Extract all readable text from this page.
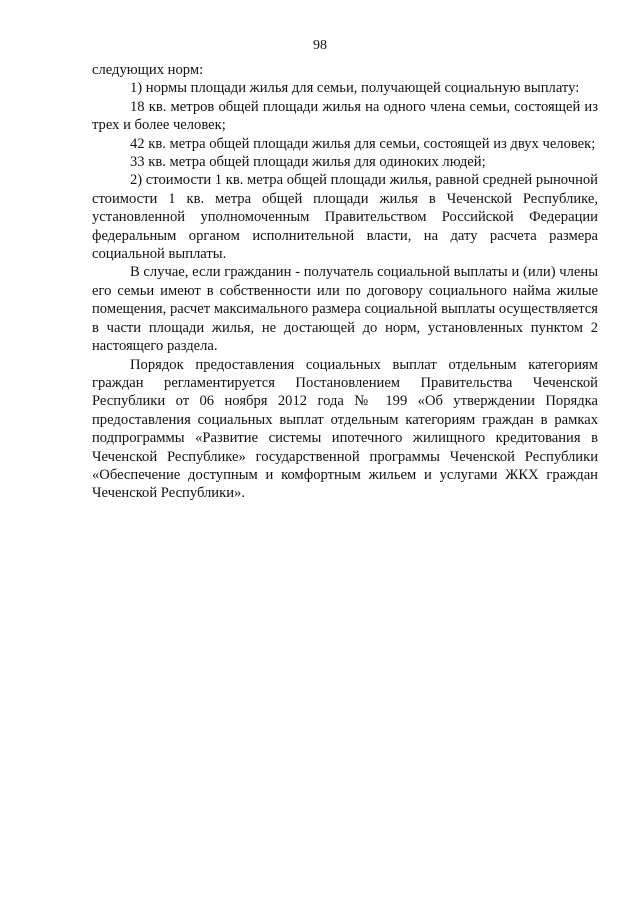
98

следующих норм:

1) нормы площади жилья для семьи, получающей социальную выплату:

18 кв. метров общей площади жилья на одного члена семьи, состоящей из трех и более человек;

42 кв. метра общей площади жилья для семьи, состоящей из двух человек;

33 кв. метра общей площади жилья для одиноких людей;

2) стоимости 1 кв. метра общей площади жилья, равной средней рыночной стоимости 1 кв. метра общей площади жилья в Чеченской Республике, установленной уполномоченным Правительством Российской Федерации федеральным органом исполнительной власти, на дату расчета размера социальной выплаты.

В случае, если гражданин - получатель социальной выплаты и (или) члены его семьи имеют в собственности или по договору социального найма жилые помещения, расчет максимального размера социальной выплаты осуществляется в части площади жилья, не достающей до норм, установленных пунктом 2 настоящего раздела.

Порядок предоставления социальных выплат отдельным категориям граждан регламентируется Постановлением Правительства Чеченской Республики от 06 ноября 2012 года № 199 «Об утверждении Порядка предоставления социальных выплат отдельным категориям граждан в рамках подпрограммы «Развитие системы ипотечного жилищного кредитования в Чеченской Республике» государственной программы Чеченской Республики «Обеспечение доступным и комфортным жильем и услугами ЖКХ граждан Чеченской Республики».
